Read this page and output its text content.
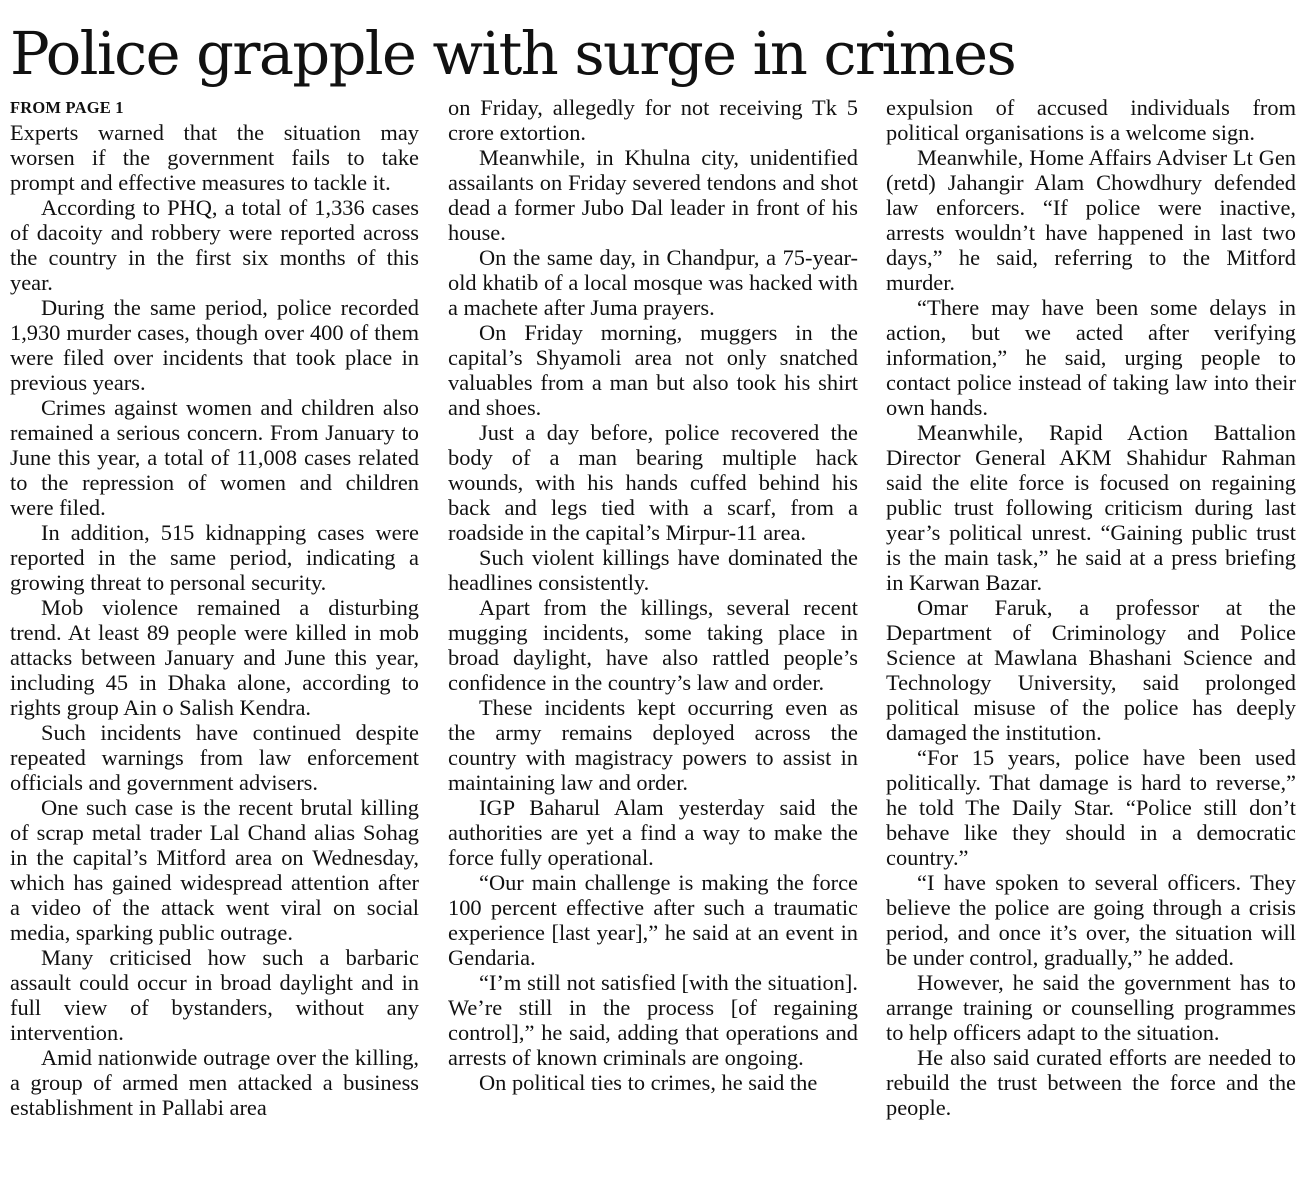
Police grapple with surge in crimes
FROM PAGE 1

Experts warned that the situation may worsen if the government fails to take prompt and effective measures to tackle it.

According to PHQ, a total of 1,336 cases of dacoity and robbery were reported across the country in the first six months of this year.

During the same period, police recorded 1,930 murder cases, though over 400 of them were filed over incidents that took place in previous years.

Crimes against women and children also remained a serious concern. From January to June this year, a total of 11,008 cases related to the repression of women and children were filed.

In addition, 515 kidnapping cases were reported in the same period, indicating a growing threat to personal security.

Mob violence remained a disturbing trend. At least 89 people were killed in mob attacks between January and June this year, including 45 in Dhaka alone, according to rights group Ain o Salish Kendra.

Such incidents have continued despite repeated warnings from law enforcement officials and government advisers.

One such case is the recent brutal killing of scrap metal trader Lal Chand alias Sohag in the capital’s Mitford area on Wednesday, which has gained widespread attention after a video of the attack went viral on social media, sparking public outrage.

Many criticised how such a barbaric assault could occur in broad daylight and in full view of bystanders, without any intervention.

Amid nationwide outrage over the killing, a group of armed men attacked a business establishment in Pallabi area

on Friday, allegedly for not receiving Tk 5 crore extortion.

Meanwhile, in Khulna city, unidentified assailants on Friday severed tendons and shot dead a former Jubo Dal leader in front of his house.

On the same day, in Chandpur, a 75-year-old khatib of a local mosque was hacked with a machete after Juma prayers.

On Friday morning, muggers in the capital’s Shyamoli area not only snatched valuables from a man but also took his shirt and shoes.

Just a day before, police recovered the body of a man bearing multiple hack wounds, with his hands cuffed behind his back and legs tied with a scarf, from a roadside in the capital’s Mirpur-11 area.

Such violent killings have dominated the headlines consistently.

Apart from the killings, several recent mugging incidents, some taking place in broad daylight, have also rattled people’s confidence in the country’s law and order.

These incidents kept occurring even as the army remains deployed across the country with magistracy powers to assist in maintaining law and order.

IGP Baharul Alam yesterday said the authorities are yet a find a way to make the force fully operational.

“Our main challenge is making the force 100 percent effective after such a traumatic experience [last year],” he said at an event in Gendaria.

“I’m still not satisfied [with the situation]. We’re still in the process [of regaining control],” he said, adding that operations and arrests of known criminals are ongoing.

On political ties to crimes, he said the

expulsion of accused individuals from political organisations is a welcome sign.

Meanwhile, Home Affairs Adviser Lt Gen (retd) Jahangir Alam Chowdhury defended law enforcers. “If police were inactive, arrests wouldn’t have happened in last two days,” he said, referring to the Mitford murder.

“There may have been some delays in action, but we acted after verifying information,” he said, urging people to contact police instead of taking law into their own hands.

Meanwhile, Rapid Action Battalion Director General AKM Shahidur Rahman said the elite force is focused on regaining public trust following criticism during last year’s political unrest. “Gaining public trust is the main task,” he said at a press briefing in Karwan Bazar.

Omar Faruk, a professor at the Department of Criminology and Police Science at Mawlana Bhashani Science and Technology University, said prolonged political misuse of the police has deeply damaged the institution.

“For 15 years, police have been used politically. That damage is hard to reverse,” he told The Daily Star. “Police still don’t behave like they should in a democratic country.”

“I have spoken to several officers. They believe the police are going through a crisis period, and once it’s over, the situation will be under control, gradually,” he added.

However, he said the government has to arrange training or counselling programmes to help officers adapt to the situation.

He also said curated efforts are needed to rebuild the trust between the force and the people.
